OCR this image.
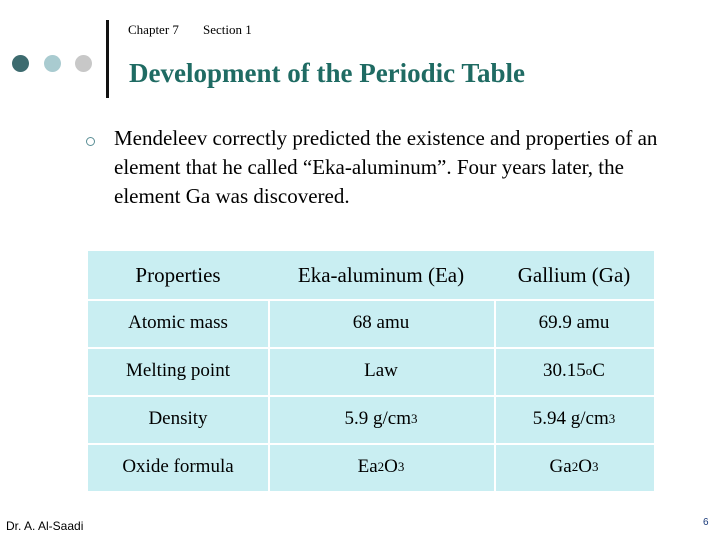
Chapter 7 Section 1
Development of the Periodic Table

Mendeleev correctly predicted the existence and properties of an element that he called “Eka-aluminum”. Four years later, the element Ga was discovered.

Properties	Eka-aluminum (Ea)	Gallium (Ga)
Atomic mass	68 amu	69.9 amu
Melting point	Law	30.15 o C
Density	5.9 g/cm 3	5.94 g/cm 3
Oxide formula	Ea 2 O 3	Ga 2 O 3
Dr. A. Al-Saadi	6
